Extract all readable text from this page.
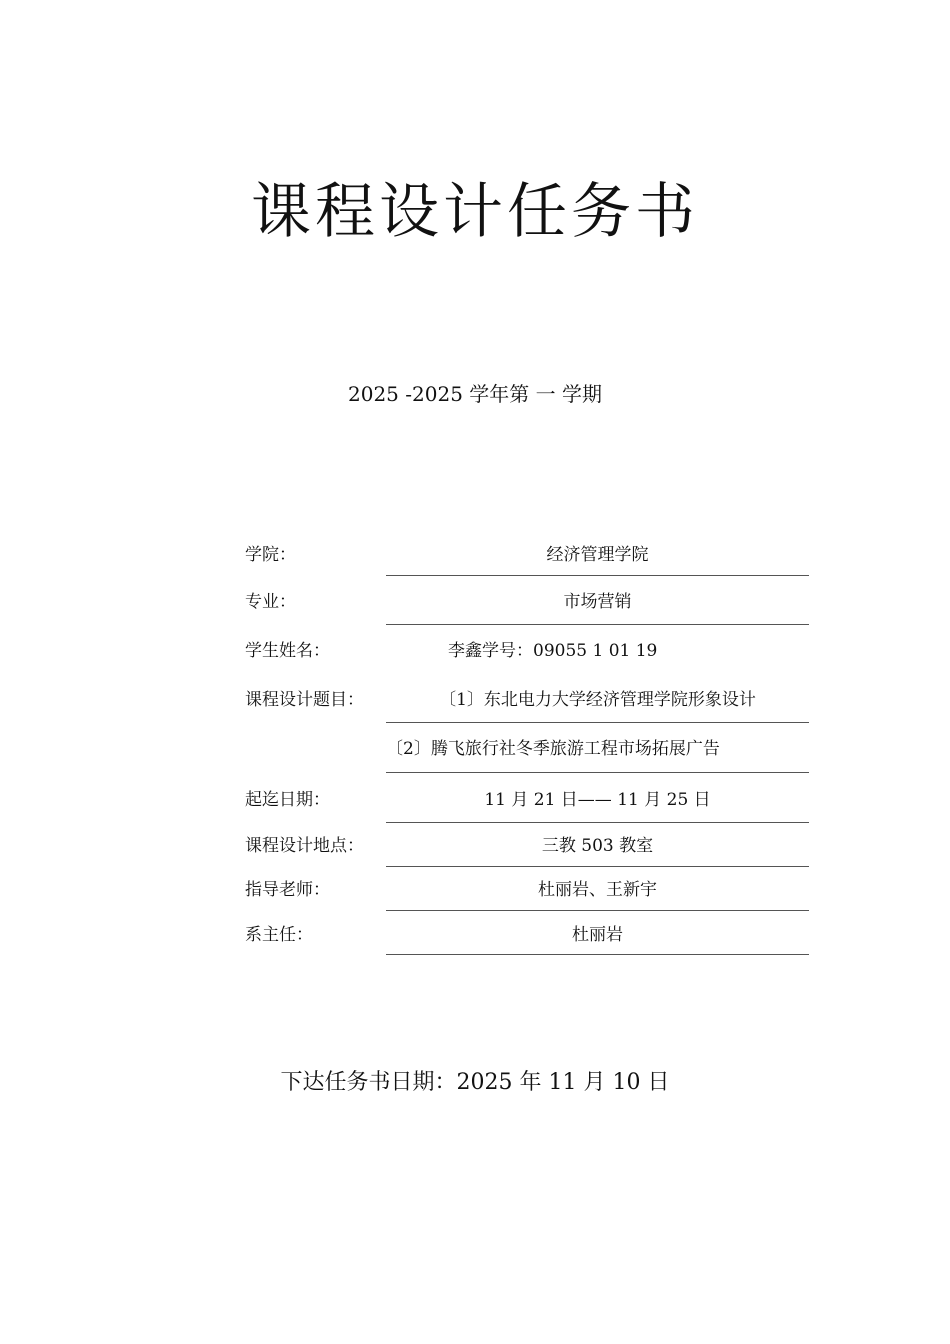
课程设计任务书
2025 -2025 学年第 一 学期
学院：	经济管理学院
专业：	市场营销
学生姓名：	李鑫学号：09055 1 01 19
课程设计题目：	〔1〕东北电力大学经济管理学院形象设计
〔2〕腾飞旅行社冬季旅游工程市场拓展广告
起迄日期：	11 月 21 日—— 11 月 25 日
课程设计地点：	三教 503 教室
指导老师：	杜丽岩、王新宇
系主任：	杜丽岩
下达任务书日期：2025 年 11 月 10 日
